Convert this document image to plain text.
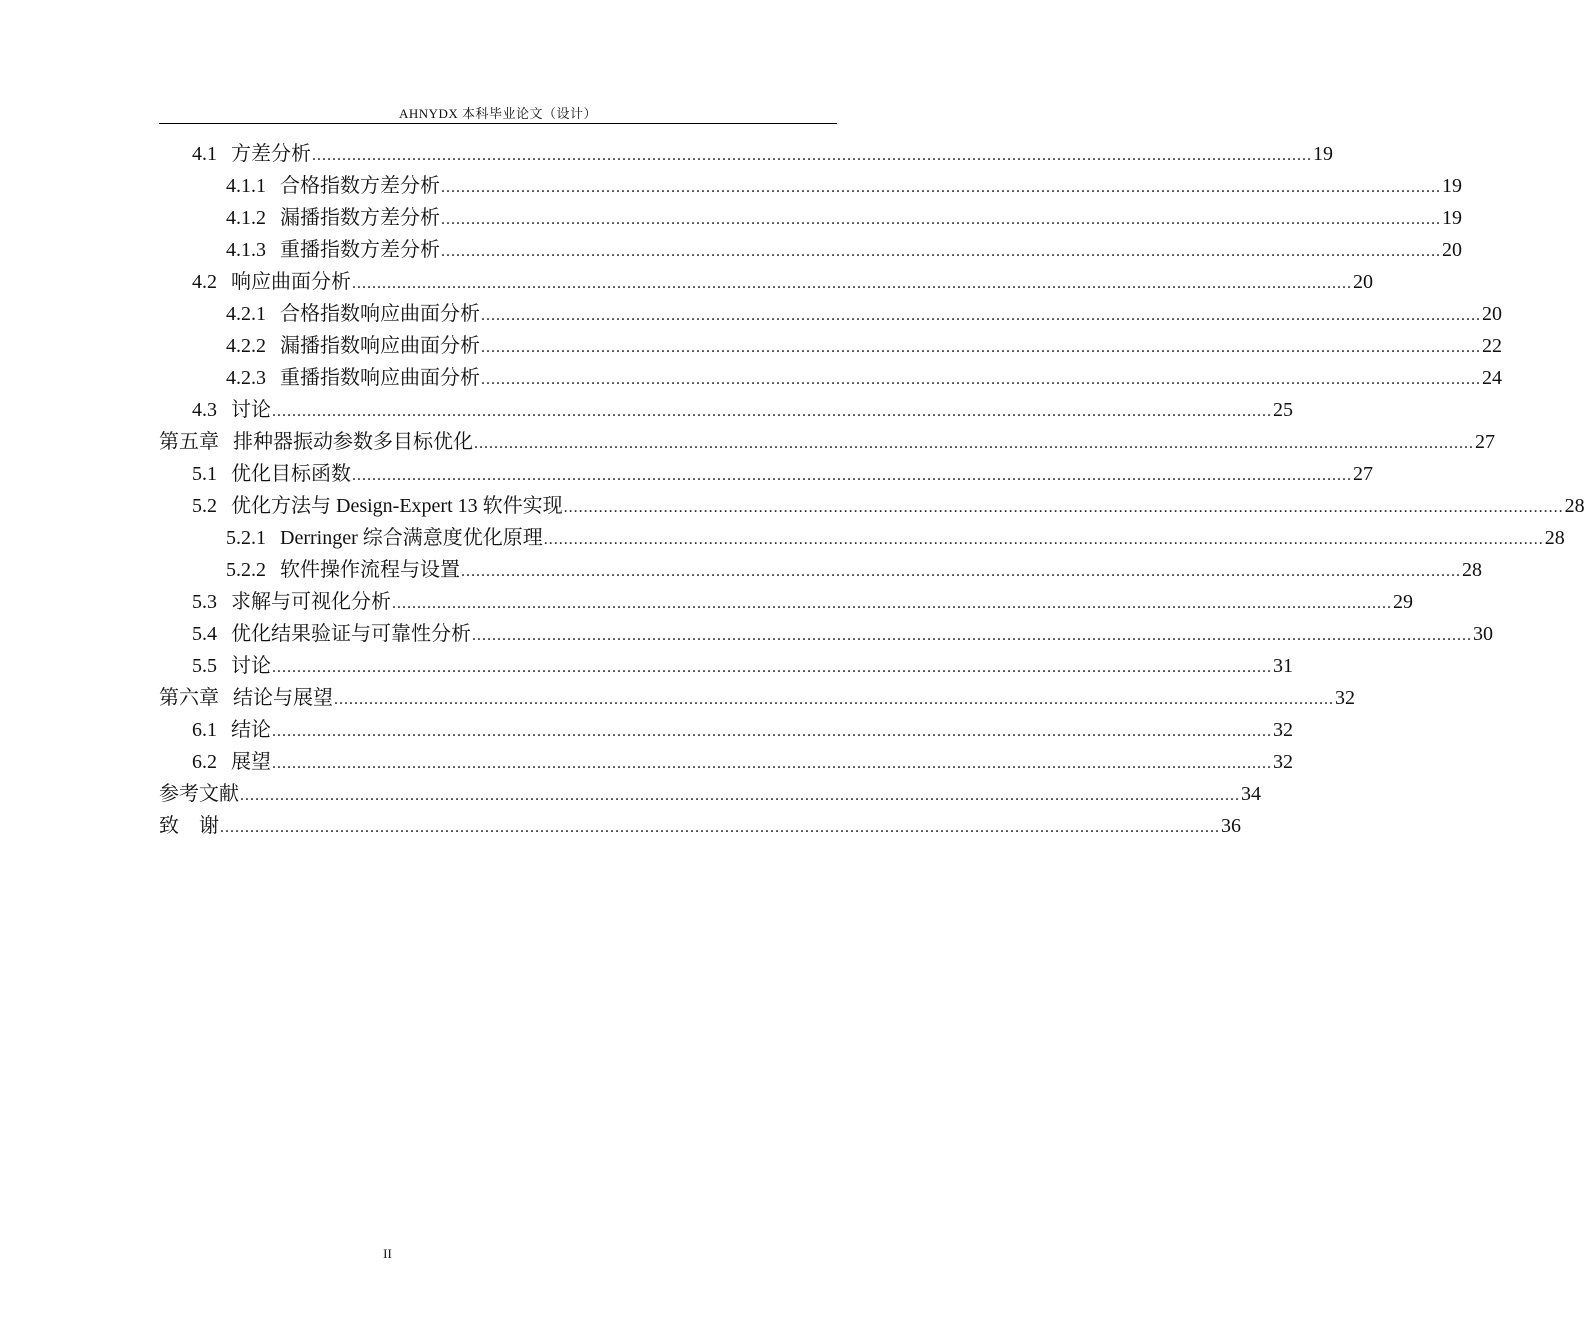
AHNYDX 本科毕业论文（设计）
4.1 方差分析 ........................................................................................................................................................................................................ 19
4.1.1 合格指数方差分析 ........................................................................................................................................................................................................ 19
4.1.2 漏播指数方差分析 ........................................................................................................................................................................................................ 19
4.1.3 重播指数方差分析 ........................................................................................................................................................................................................ 20
4.2 响应曲面分析 ........................................................................................................................................................................................................ 20
4.2.1 合格指数响应曲面分析 ........................................................................................................................................................................................................ 20
4.2.2 漏播指数响应曲面分析 ........................................................................................................................................................................................................ 22
4.2.3 重播指数响应曲面分析 ........................................................................................................................................................................................................ 24
4.3 讨论 ........................................................................................................................................................................................................ 25
第五章 排种器振动参数多目标优化 ........................................................................................................................................................................................................ 27
5.1 优化目标函数 ........................................................................................................................................................................................................ 27
5.2 优化方法与 Design-Expert 13 软件实现 ........................................................................................................................................................................................................ 28
5.2.1 Derringer 综合满意度优化原理 ........................................................................................................................................................................................................ 28
5.2.2 软件操作流程与设置 ........................................................................................................................................................................................................ 28
5.3 求解与可视化分析 ........................................................................................................................................................................................................ 29
5.4 优化结果验证与可靠性分析 ........................................................................................................................................................................................................ 30
5.5 讨论 ........................................................................................................................................................................................................ 31
第六章 结论与展望 ........................................................................................................................................................................................................ 32
6.1 结论 ........................................................................................................................................................................................................ 32
6.2 展望 ........................................................................................................................................................................................................ 32
参考文献 ........................................................................................................................................................................................................ 34
致　谢 ........................................................................................................................................................................................................ 36
II
